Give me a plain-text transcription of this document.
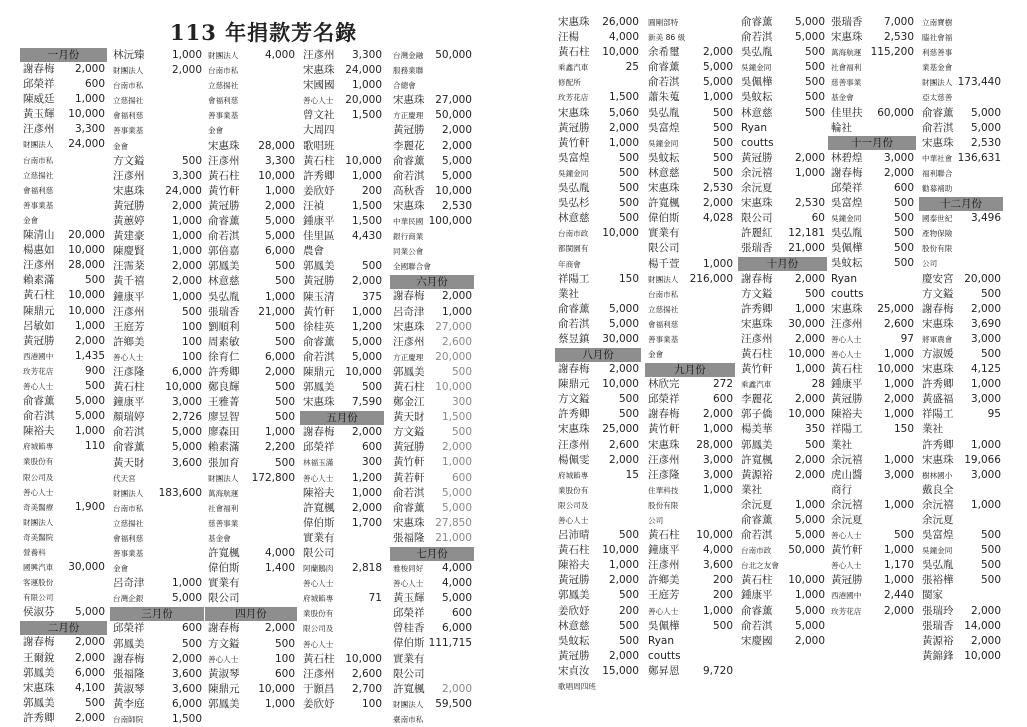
113 年捐款芳名錄
一月份
謝春梅 2,000
邱榮祥	600
陳威廷 1,000
黃玉輝 10,000
汪彥州 3,300
財團法人 24,000
台南市私
立慈揚社
會福利慈
善事業基
金會
陳清山 20,000
楊惠如 10,000
汪彥州 28,000
賴素滿	500
黃石柱 10,000
陳鼎元 10,000
呂敏如 1,000
黃冠勝 2,000
西港國中 1,435
玫芳花店	900
善心人士	500
俞睿薰 5,000
俞若淇 5,000
陳裕夫 1,000
府城餡專	110
業股份有
限公司及
善心人士
奇美醫療 1,900
財團法人
奇美醫院
營養科
國興汽車 30,000
客運股份
有限公司
侯淑芬 5,000
二月份
謝春梅 2,000
王爾銳 2,000
郭鳳美 6,000
宋惠珠 4,100
郭鳳美	500
許秀卿 2,000
林沅臻	1,000
財團法人	2,000
台南市私
立慈揚社
會福利慈
善事業基
金會
方文鎰	500
汪彥州	3,300
宋惠珠 24,000
黃冠勝	2,000
黃蕙婷	1,000
黃建豪	1,000
陳慶賢	1,000
汪霈棻	2,000
黃千禧	2,000
鐘康平	1,000
汪彥州	500
王庭芳	100
許鄉美	100
善心人士	100
汪彥隆	6,000
黃石柱 10,000
鐘康平	3,000
顏瑞婷	2,726
俞若淇	5,000
俞睿薰	5,000
黃天財	3,600
代天宮
財團法人 183,600
台南市私
立慈揚社
會福利慈
善事業基
金會
呂奇津	1,000
台灣企銀	5,000
三月份
邱榮祥	600
郭鳳美	500
謝春梅	2,000
張福隆	3,600
黃淑琴	3,600
黃李庭	6,000
台南師院	1,500
財團法人	4,000
台南市私
立慈揚社
會福利慈
善事業基
金會
宋惠珠 28,000
汪彥州 3,300
黃石柱 10,000
黃竹軒 1,000
黃冠勝 2,000
俞睿薰 5,000
俞若淇 5,000
郭倍嘉 6,000
郭鳳美	500
林意慈	500
吳弘胤 1,000
張瑞香 21,000
劉順利	500
周素敏	500
徐育仁 6,000
許秀卿 2,000
鄭良輝	500
王雅菁	500
廖昱智	500
廖森田 1,000
賴素滿 2,200
張加育	500
財團法人 172,800
萬海航運
社會福利
慈善事業
基金會
許寬楓 4,000
偉伯斯 1,400
實業有
限公司
四月份
謝春梅 2,000
方文鎰	500
善心人士	100
黃淑琴	600
陳鼎元 10,000
郭鳳美 1,000
汪彥州 3,300
宋惠珠 24,000
宋國國 1,000
善心人士 20,000
曾文社 1,500
大周四
歌唱班
黃石柱 10,000
許秀卿 1,000
姜欣妤	200
汪禎	1,500
鍾康平 1,500
佳里區 4,430
農會
郭鳳美	500
黃冠勝 2,000
陳玉清	375
黃竹軒 1,000
徐桂英 1,200
俞睿薰 5,000
俞若淇 5,000
陳鼎元 10,000
郭鳳美	500
宋惠珠 7,590
五月份
謝春梅 2,000
邱榮祥	600
林福玉滿	300
善心人士 1,200
陳裕夫 1,000
許寬楓 2,000
偉伯斯 1,700
實業有
限公司
阿蘭鵝肉 2,818
善心人士
府城餡專	71
業股份有
限公司及
善心人士
黃石柱 10,000
汪彥州 2,600
于顥昌 2,700
姜欣妤	100
台灣金融 50,000
服務業聯
合總會
宋惠珠 27,000
方正慶理 50,000
黃冠勝 2,000
李麗花 2,000
俞睿薰 5,000
俞若淇 5,000
高秋香 10,000
宋惠珠 2,530
中華民國 100,000
銀行商業
同業公會
全國聯合會
六月份
謝春梅 2,000
呂奇津 1,000
宋惠珠 27,000
汪彥州 2,600
方正慶理 20,000
郭鳳美	500
黃石柱 10,000
鄭金江	300
黃天財 1,500
方文鎰	500
黃冠勝 2,000
黃竹軒 1,000
黃若軒	600
俞若淇 5,000
俞睿薰 5,000
宋惠珠 27,850
張福隆 21,000
七月份
雅梭同好 4,000
善心人士 4,000
黃玉輝 5,000
邱榮祥	600
曾桂香 6,000
偉伯斯 111,715
實業有
限公司
許寬楓 2,000
財團法人 59,500
臺南市私
宋惠珠 26,000
汪楊	4,000
黃石柱 10,000
乘鑫汽車	25
修配所
玫芳花店 1,500
宋惠珠 5,060
黃冠勝 2,000
黃竹軒 1,000
吳富煌	500
吳鐘金同	500
吳弘胤	500
吳弘杉	500
林意慈	500
台南市政 10,000
都閩園有
年商會
祥陽工	150
業社
俞睿薰 5,000
俞若淇 5,000
蔡昱鎮 30,000
八月份
謝春梅 2,000
陳鼎元 10,000
方文鎰	500
許秀卿	500
宋惠珠 25,000
汪彥州 2,600
楊佩雯 2,000
府城餡專	15
業股份有
限公司及
善心人士
呂沛晴	500
黃石柱 10,000
陳裕夫 1,000
黃冠勝 2,000
郭鳳美	500
姜欣妤	200
林意慈	500
吳蚊耘	500
黃冠勝 2,000
宋貞汝 15,000
歌唱周四班
圓剛部特
新美 86 級
余希璽 2,000
俞睿薰 5,000
俞若淇 5,000
蕭朱蒐 1,000
吳弘胤	500
吳富煌	500
吳鐘金同	500
吳蚊耘	500
林意慈	500
宋惠珠 2,530
許寬楓 2,000
偉伯斯 4,028
實業有
限公司
楊千萱 1,000
財團法人 216,000
台南市私
立慈揚社
會福利慈
善事業基
金會
九月份
林欣完	272
邱榮祥	600
謝春梅 2,000
黃竹軒 1,000
宋惠珠 28,000
汪彥州 3,000
汪彥隆 3,000
住華科技 1,000
股份有限
公司
黃石柱 10,000
鐘康平 4,000
汪彥州 3,600
許鄉美	200
王庭芳	200
善心人士 1,000
吳佩樺	500
Ryan
coutts
鄭昇恩 9,720
俞睿薰 5,000
俞若淇 5,000
吳弘胤	500
吳鐘金同	500
吳佩樺	500
吳蚊耘	500
林意慈	500
Ryan
coutts
黃冠勝 2,000
余沅禧 1,000
余沅夏
宋惠珠 2,530
限公司	60
許麗紅 12,181
張瑞香 21,000
十月份
謝春梅 2,000
方文鎰	500
許秀卿 1,000
宋惠珠 30,000
汪彥州 2,000
黃石柱 10,000
黃竹軒 1,000
乘鑫汽車	28
李麗花 2,000
郭子僑 10,000
楊美華	350
郭鳳美	500
許寬楓 2,000
黃源裕 2,000
業社
余沅夏 1,000
俞睿薰 5,000
俞若淇 5,000
台南市政 50,000
台北之友會
黃石柱 10,000
鍾康平 1,000
俞睿薰 5,000
俞若淇 5,000
宋慶國 2,000
張瑞香 7,000
宋惠珠 2,530
萬海航運 115,200
社會福利
慈善事業
基金會
佳里扶 60,000
輪社
十一月份
林碧煌 3,000
謝春梅 2,000
邱榮祥	600
吳富煌	500
吳鐘金同	500
吳弘胤	500
吳佩樺	500
吳蚊耘	500
Ryan
coutts
宋惠珠 25,000
汪彥州 2,600
善心人士	97
善心人士 1,000
黃石柱 10,000
鍾康平 1,000
黃冠勝 2,000
陳裕夫 1,000
祥陽工	150
業社
余沅禧 1,000
虎山醬 3,000
商行
余沅禧 1,000
余沅夏
善心人士	500
黃竹軒 1,000
善心人士 1,170
黃冠勝 1,000
西港國中 2,440
玫芳花店 2,000
立南寶樹
臨社會福
利慈善事
業基金會
財團法人 173,440
亞太慈善
俞睿薰 5,000
俞若淇 5,000
宋惠珠 2,530
中華社會 136,631
福利聯合
勸募補助
十二月份
國泰世紀 3,496
產物保險
股份有限
公司
慶安宮 20,000
方文鎰	500
謝春梅 2,000
宋惠珠 3,690
將軍農會 3,000
方淑媛	500
宋惠珠 4,125
許秀卿 1,000
黃盛福 3,000
祥陽工	95
業社
許秀卿 1,000
宋惠珠 19,066
樹林國小 3,000
戴良全
余沅禧 1,000
余沅夏
吳富煌	500
吳鐘金同	500
吳弘胤	500
張裕樺	500
閩家
張瑞玲 2,000
張瑞香 14,000
黃源裕 2,000
黃錦鋒 10,000
